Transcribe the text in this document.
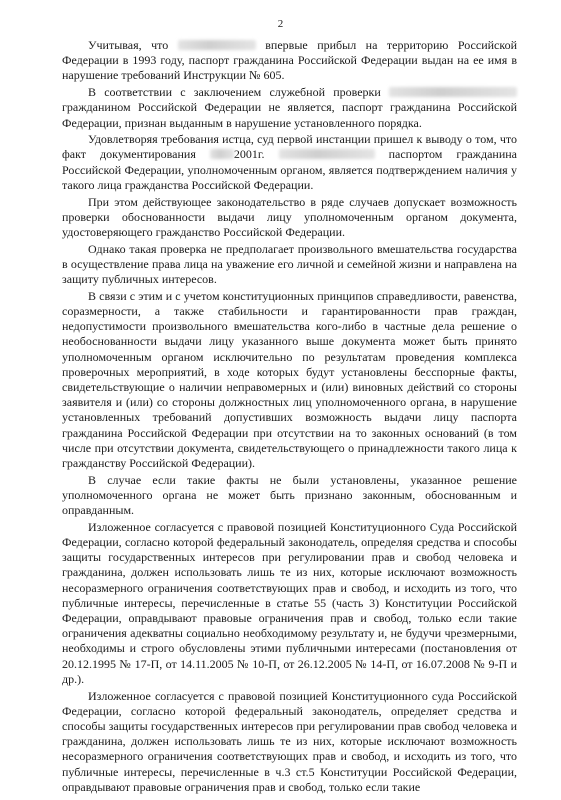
2

Учитывая, что	впервые прибыл на территорию Российской Федерации в 1993 году, паспорт гражданина Российской Федерации выдан на ее имя в нарушение требований Инструкции № 605.

В соответствии с заключением служебной проверки  гражданином Российской Федерации не является, паспорт гражданина Российской Федерации, признан выданным в нарушение установленного порядка.

Удовлетворяя требования истца, суд первой инстанции пришел к выводу о том, что факт документирования	2001г.	паспортом гражданина Российской Федерации, уполномоченным органом, является подтверждением наличия у такого лица гражданства Российской Федерации.

При этом действующее законодательство в ряде случаев допускает возможность проверки обоснованности выдачи лицу уполномоченным органом документа, удостоверяющего гражданство Российской Федерации.

Однако такая проверка не предполагает произвольного вмешательства государства в осуществление права лица на уважение его личной и семейной жизни и направлена на защиту публичных интересов.

В связи с этим и с учетом конституционных принципов справедливости, равенства, соразмерности, а также стабильности и гарантированности прав граждан, недопустимости произвольного вмешательства кого-либо в частные дела решение о необоснованности выдачи лицу указанного выше документа может быть принято уполномоченным органом исключительно по результатам проведения комплекса проверочных мероприятий, в ходе которых будут установлены бесспорные факты, свидетельствующие о наличии неправомерных и (или) виновных действий со стороны заявителя и (или) со стороны должностных лиц уполномоченного органа, в нарушение установленных требований допустивших возможность выдачи лицу паспорта гражданина Российской Федерации при отсутствии на то законных оснований (в том числе при отсутствии документа, свидетельствующего о принадлежности такого лица к гражданству Российской Федерации).

В случае если такие факты не были установлены, указанное решение уполномоченного органа не может быть признано законным, обоснованным и оправданным.

Изложенное согласуется с правовой позицией Конституционного Суда Российской Федерации, согласно которой федеральный законодатель, определяя средства и способы защиты государственных интересов при регулировании прав и свобод человека и гражданина, должен использовать лишь те из них, которые исключают возможность несоразмерного ограничения соответствующих прав и свобод, и исходить из того, что публичные интересы, перечисленные в статье 55 (часть 3) Конституции Российской Федерации, оправдывают правовые ограничения прав и свобод, только если такие ограничения адекватны социально необходимому результату и, не будучи чрезмерными, необходимы и строго обусловлены этими публичными интересами (постановления от 20.12.1995 № 17-П, от 14.11.2005 № 10-П, от 26.12.2005 № 14-П, от 16.07.2008 № 9-П и др.).

Изложенное согласуется с правовой позицией Конституционного суда Российской Федерации, согласно которой федеральный законодатель, определяет средства и способы защиты государственных интересов при регулировании прав свобод человека и гражданина, должен использовать лишь те из них, которые исключают возможность несоразмерного ограничения соответствующих прав и свобод, и исходить из того, что публичные интересы, перечисленные в ч.3 ст.5 Конституции Российской Федерации, оправдывают правовые ограничения прав и свобод, только если такие
